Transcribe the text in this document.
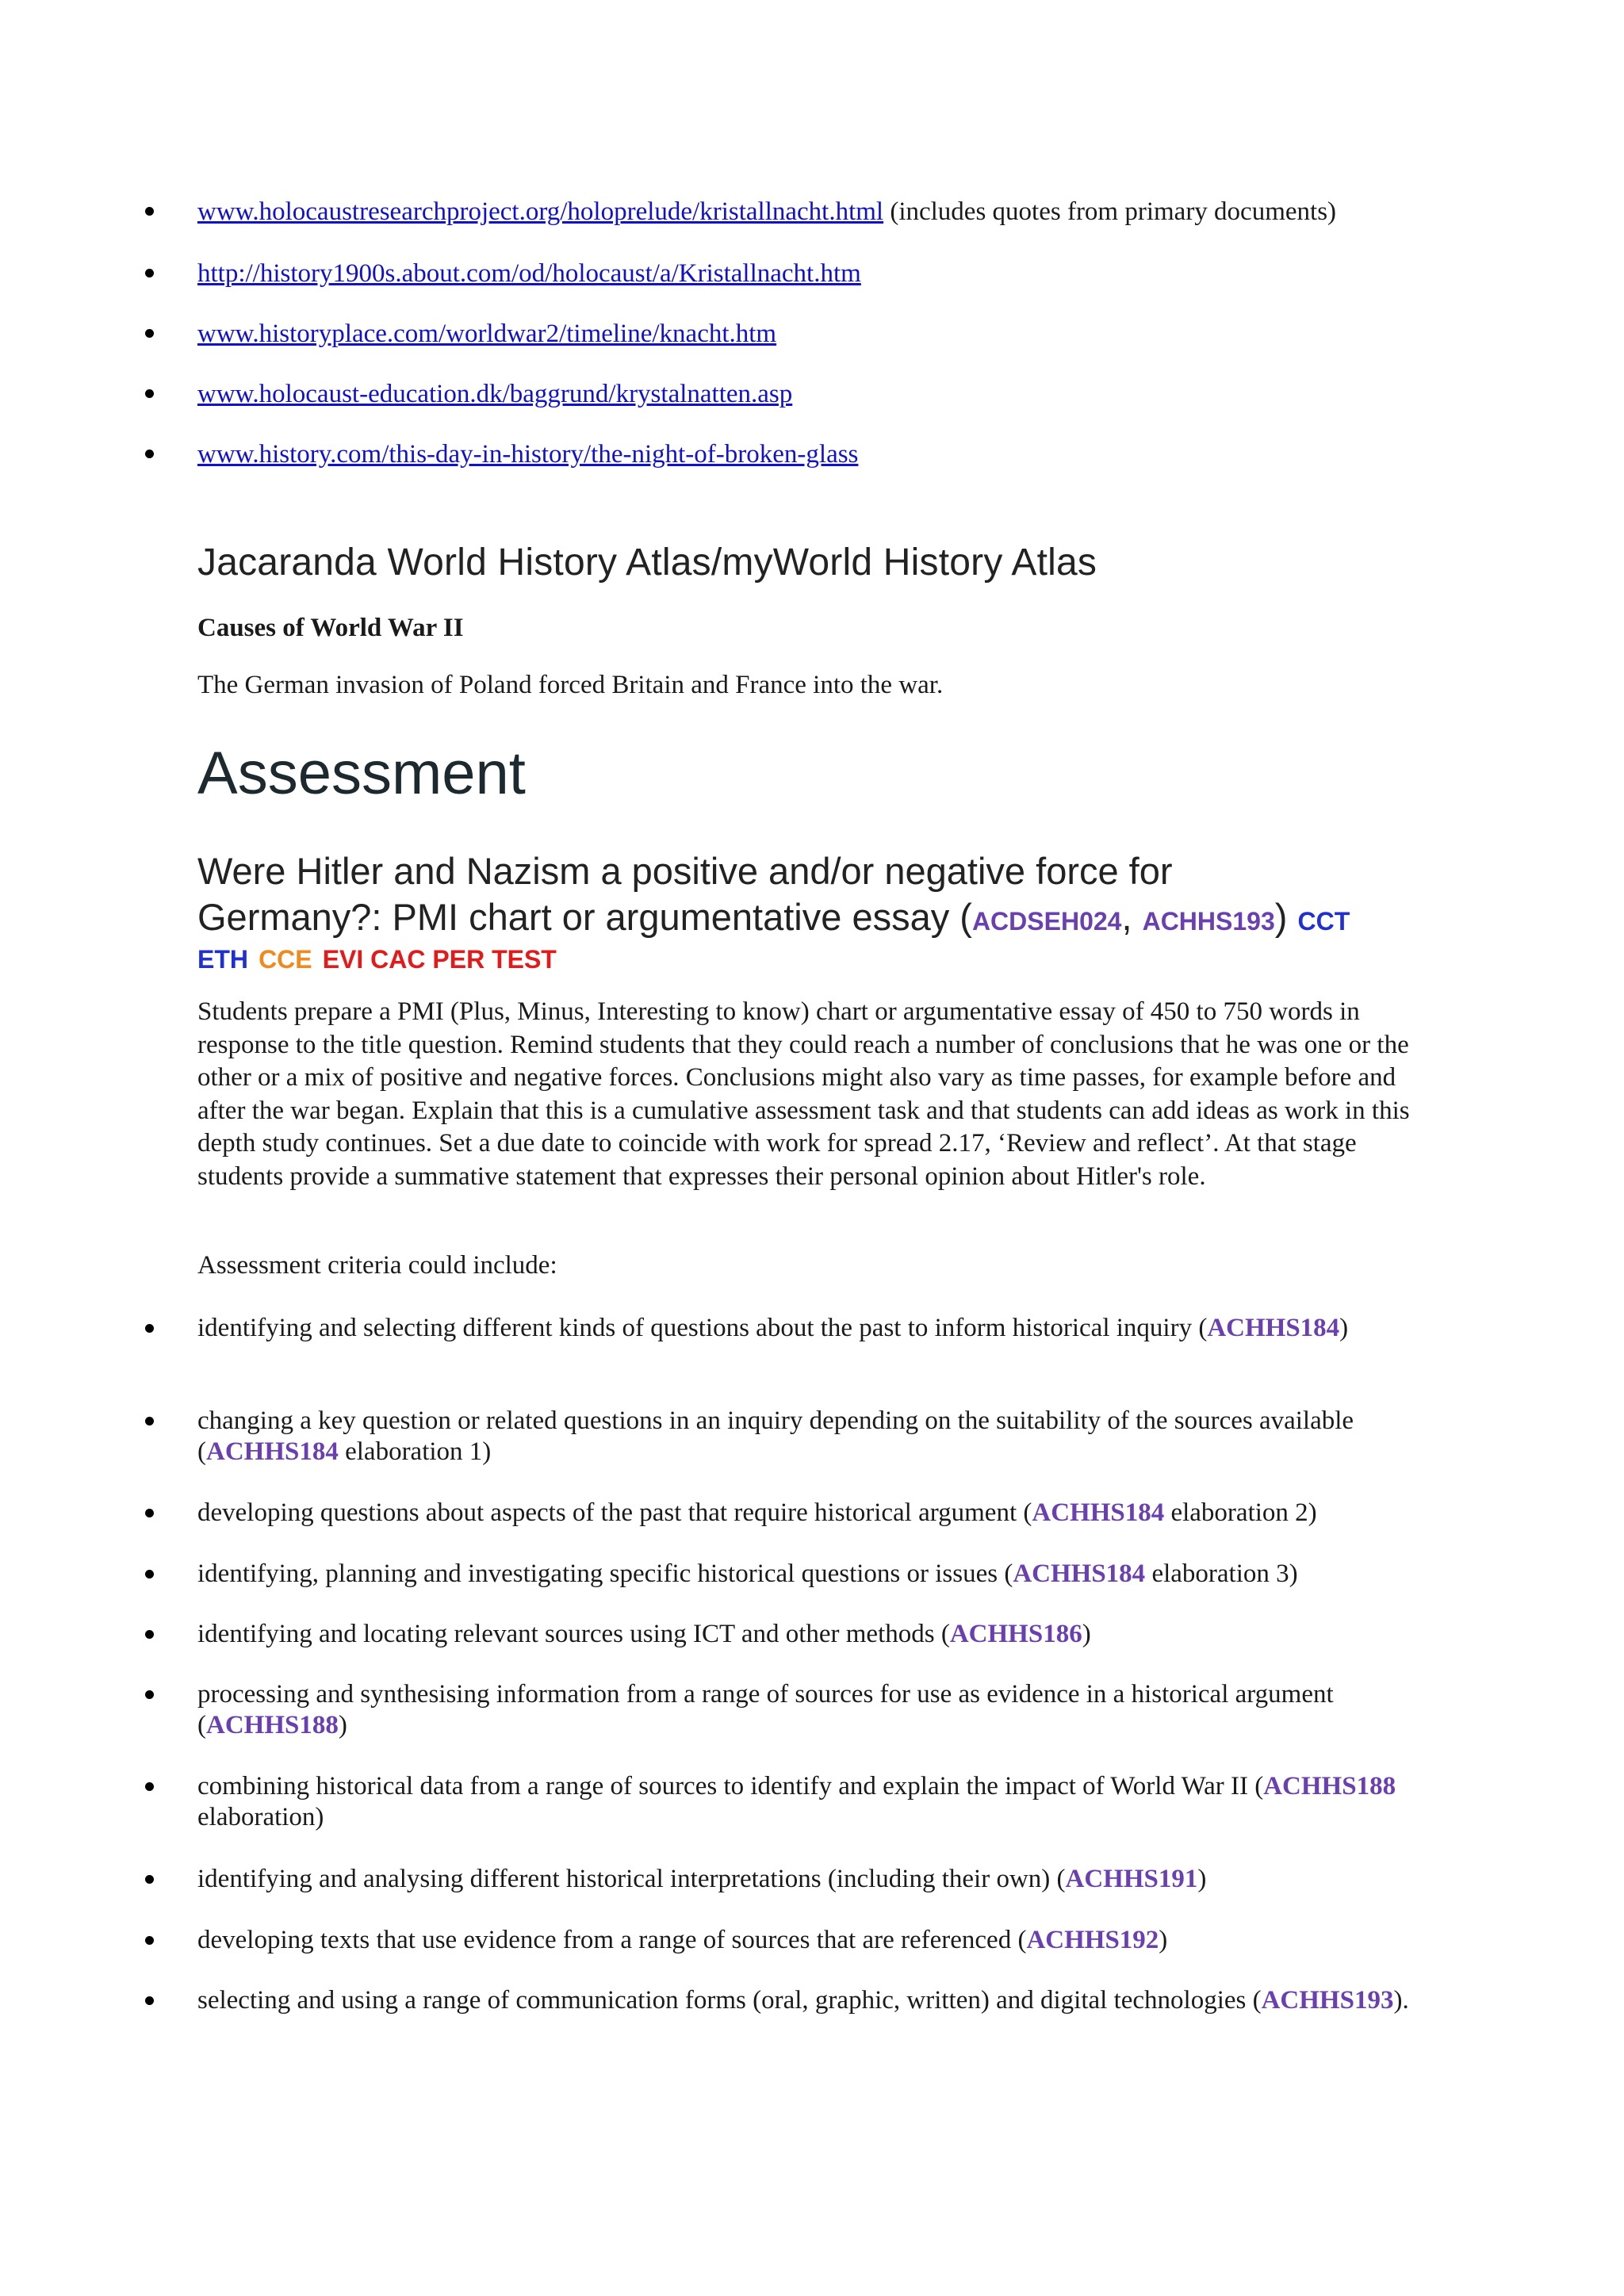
www.holocaustresearchproject.org/holoprelude/kristallnacht.html (includes quotes from primary documents)
http://history1900s.about.com/od/holocaust/a/Kristallnacht.htm
www.historyplace.com/worldwar2/timeline/knacht.htm
www.holocaust-education.dk/baggrund/krystalnatten.asp
www.history.com/this-day-in-history/the-night-of-broken-glass
Jacaranda World History Atlas/myWorld History Atlas
Causes of World War II
The German invasion of Poland forced Britain and France into the war.
Assessment
Were Hitler and Nazism a positive and/or negative force for
Germany?: PMI chart or argumentative essay (ACDSEH024, ACHHS193) CCT

ETH CCE EVI CAC PER TEST
Students prepare a PMI (Plus, Minus, Interesting to know) chart or argumentative essay of 450 to 750 words in response to the title question. Remind students that they could reach a number of conclusions that he was one or the other or a mix of positive and negative forces. Conclusions might also vary as time passes, for example before and after the war began. Explain that this is a cumulative assessment task and that students can add ideas as work in this depth study continues. Set a due date to coincide with work for spread 2.17, ‘Review and reflect’. At that stage students provide a summative statement that expresses their personal opinion about Hitler's role.
Assessment criteria could include:
identifying and selecting different kinds of questions about the past to inform historical inquiry (ACHHS184)
changing a key question or related questions in an inquiry depending on the suitability of the sources available (ACHHS184 elaboration 1)
developing questions about aspects of the past that require historical argument (ACHHS184 elaboration 2)
identifying, planning and investigating specific historical questions or issues (ACHHS184 elaboration 3)
identifying and locating relevant sources using ICT and other methods (ACHHS186)
processing and synthesising information from a range of sources for use as evidence in a historical argument (ACHHS188)
combining historical data from a range of sources to identify and explain the impact of World War II (ACHHS188 elaboration)
identifying and analysing different historical interpretations (including their own) (ACHHS191)
developing texts that use evidence from a range of sources that are referenced (ACHHS192)
selecting and using a range of communication forms (oral, graphic, written) and digital technologies (ACHHS193).
